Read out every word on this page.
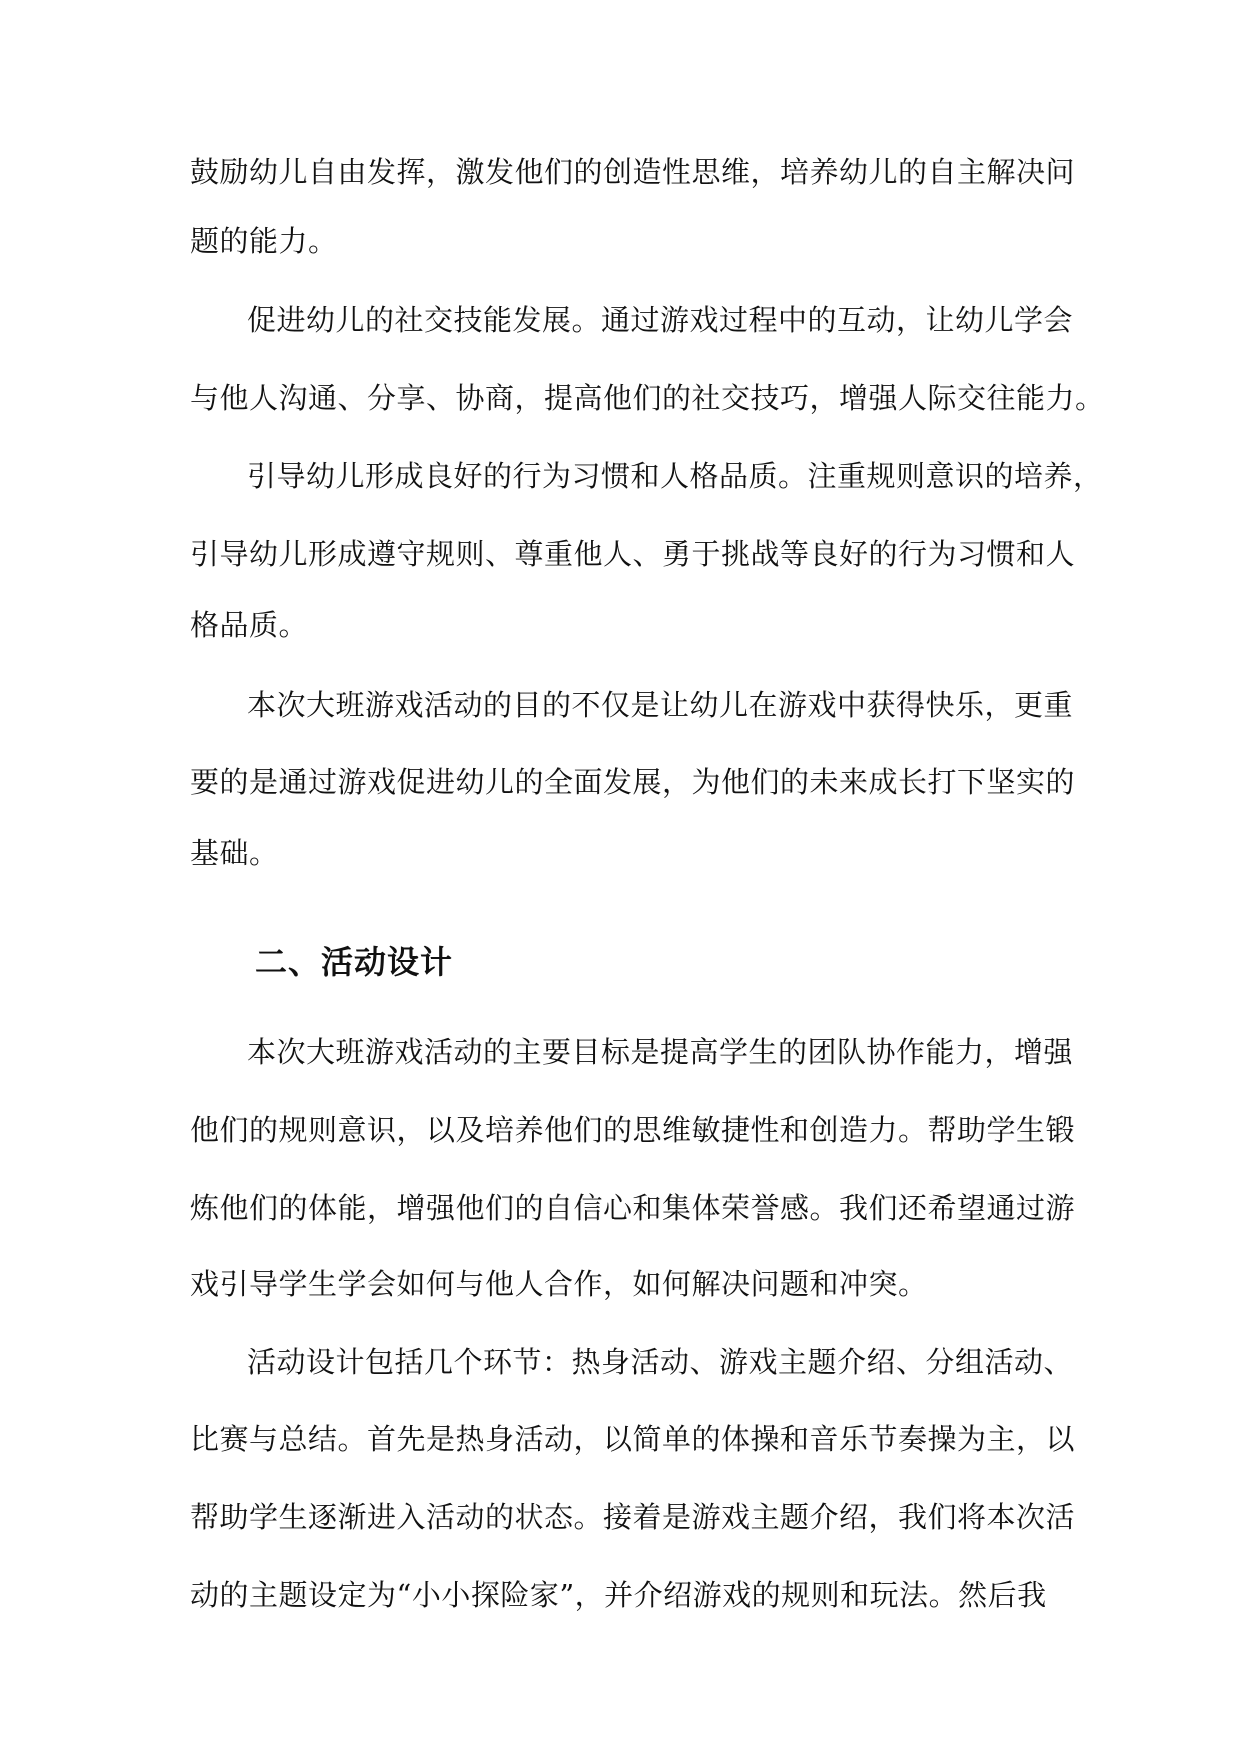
鼓励幼儿自由发挥，激发他们的创造性思维，培养幼儿的自主解决问
题的能力。
促进幼儿的社交技能发展。通过游戏过程中的互动，让幼儿学会
与他人沟通、分享、协商，提高他们的社交技巧，增强人际交往能力。
引导幼儿形成良好的行为习惯和人格品质。注重规则意识的培养，
引导幼儿形成遵守规则、尊重他人、勇于挑战等良好的行为习惯和人
格品质。
本次大班游戏活动的目的不仅是让幼儿在游戏中获得快乐，更重
要的是通过游戏促进幼儿的全面发展，为他们的未来成长打下坚实的
基础。
二、活动设计
本次大班游戏活动的主要目标是提高学生的团队协作能力，增强
他们的规则意识，以及培养他们的思维敏捷性和创造力。帮助学生锻
炼他们的体能，增强他们的自信心和集体荣誉感。我们还希望通过游
戏引导学生学会如何与他人合作，如何解决问题和冲突。
活动设计包括几个环节：热身活动、游戏主题介绍、分组活动、
比赛与总结。首先是热身活动，以简单的体操和音乐节奏操为主，以
帮助学生逐渐进入活动的状态。接着是游戏主题介绍，我们将本次活
动的主题设定为“小小探险家”，并介绍游戏的规则和玩法。然后我
